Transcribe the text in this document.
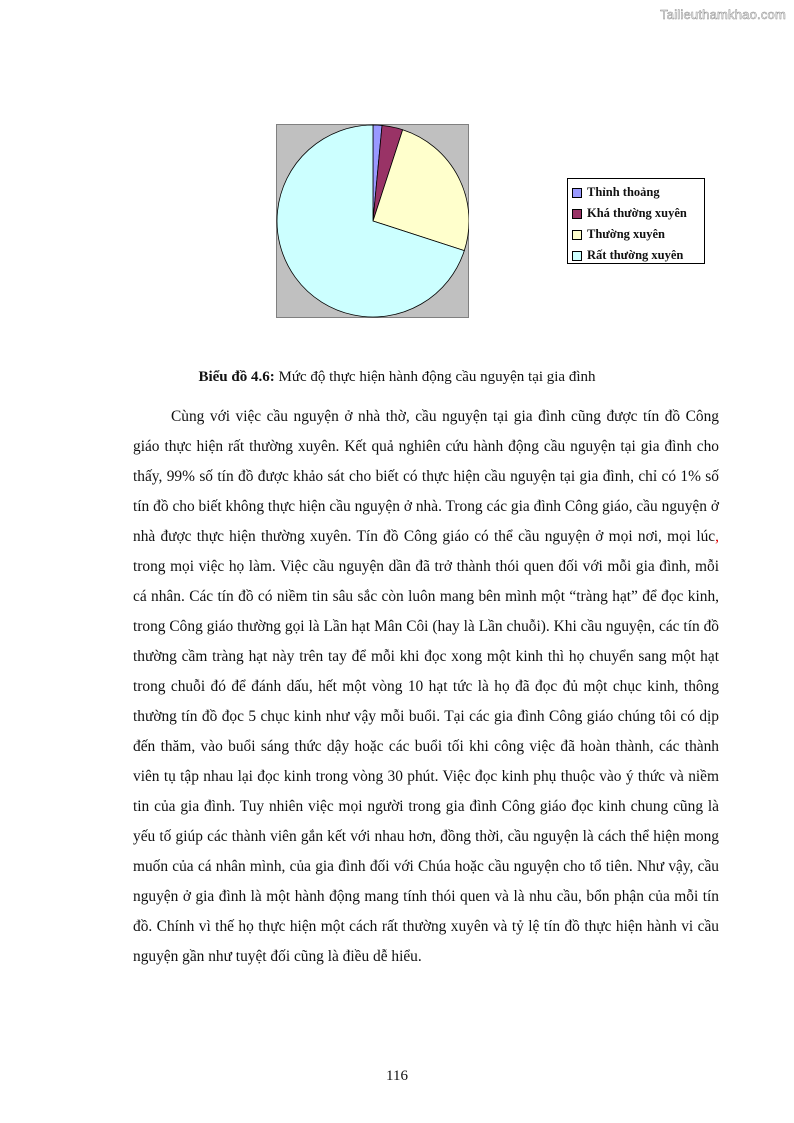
Tailieuthamkhao.com
Thỉnh thoảng
Khá thường xuyên
Thường xuyên
Rất thường xuyên
Biểu đồ 4.6: Mức độ thực hiện hành động cầu nguyện tại gia đình

Cùng với việc cầu nguyện ở nhà thờ, cầu nguyện tại gia đình cũng được tín đồ Công giáo thực hiện rất thường xuyên. Kết quả nghiên cứu hành động cầu nguyện tại gia đình cho thấy, 99% số tín đồ được khảo sát cho biết có thực hiện cầu nguyện tại gia đình, chỉ có 1% số tín đồ cho biết không thực hiện cầu nguyện ở nhà. Trong các gia đình Công giáo, cầu nguyện ở nhà được thực hiện thường xuyên. Tín đồ Công giáo có thể cầu nguyện ở mọi nơi, mọi lúc, trong mọi việc họ làm. Việc cầu nguyện dần đã trở thành thói quen đối với mỗi gia đình, mỗi cá nhân. Các tín đồ có niềm tin sâu sắc còn luôn mang bên mình một “tràng hạt” để đọc kinh, trong Công giáo thường gọi là Lần hạt Mân Côi (hay là Lần chuỗi). Khi cầu nguyện, các tín đồ thường cầm tràng hạt này trên tay để mỗi khi đọc xong một kinh thì họ chuyển sang một hạt trong chuỗi đó để đánh dấu, hết một vòng 10 hạt tức là họ đã đọc đủ một chục kinh, thông thường tín đồ đọc 5 chục kinh như vậy mỗi buổi. Tại các gia đình Công giáo chúng tôi có dịp đến thăm, vào buổi sáng thức dậy hoặc các buổi tối khi công việc đã hoàn thành, các thành viên tụ tập nhau lại đọc kinh trong vòng 30 phút. Việc đọc kinh phụ thuộc vào ý thức và niềm tin của gia đình. Tuy nhiên việc mọi người trong gia đình Công giáo đọc kinh chung cũng là yếu tố giúp các thành viên gắn kết với nhau hơn, đồng thời, cầu nguyện là cách thể hiện mong muốn của cá nhân mình, của gia đình đối với Chúa hoặc cầu nguyện cho tổ tiên. Như vậy, cầu nguyện ở gia đình là một hành động mang tính thói quen và là nhu cầu, bổn phận của mỗi tín đồ. Chính vì thế họ thực hiện một cách rất thường xuyên và tỷ lệ tín đồ thực hiện hành vi cầu nguyện gần như tuyệt đối cũng là điều dễ hiểu.

116
